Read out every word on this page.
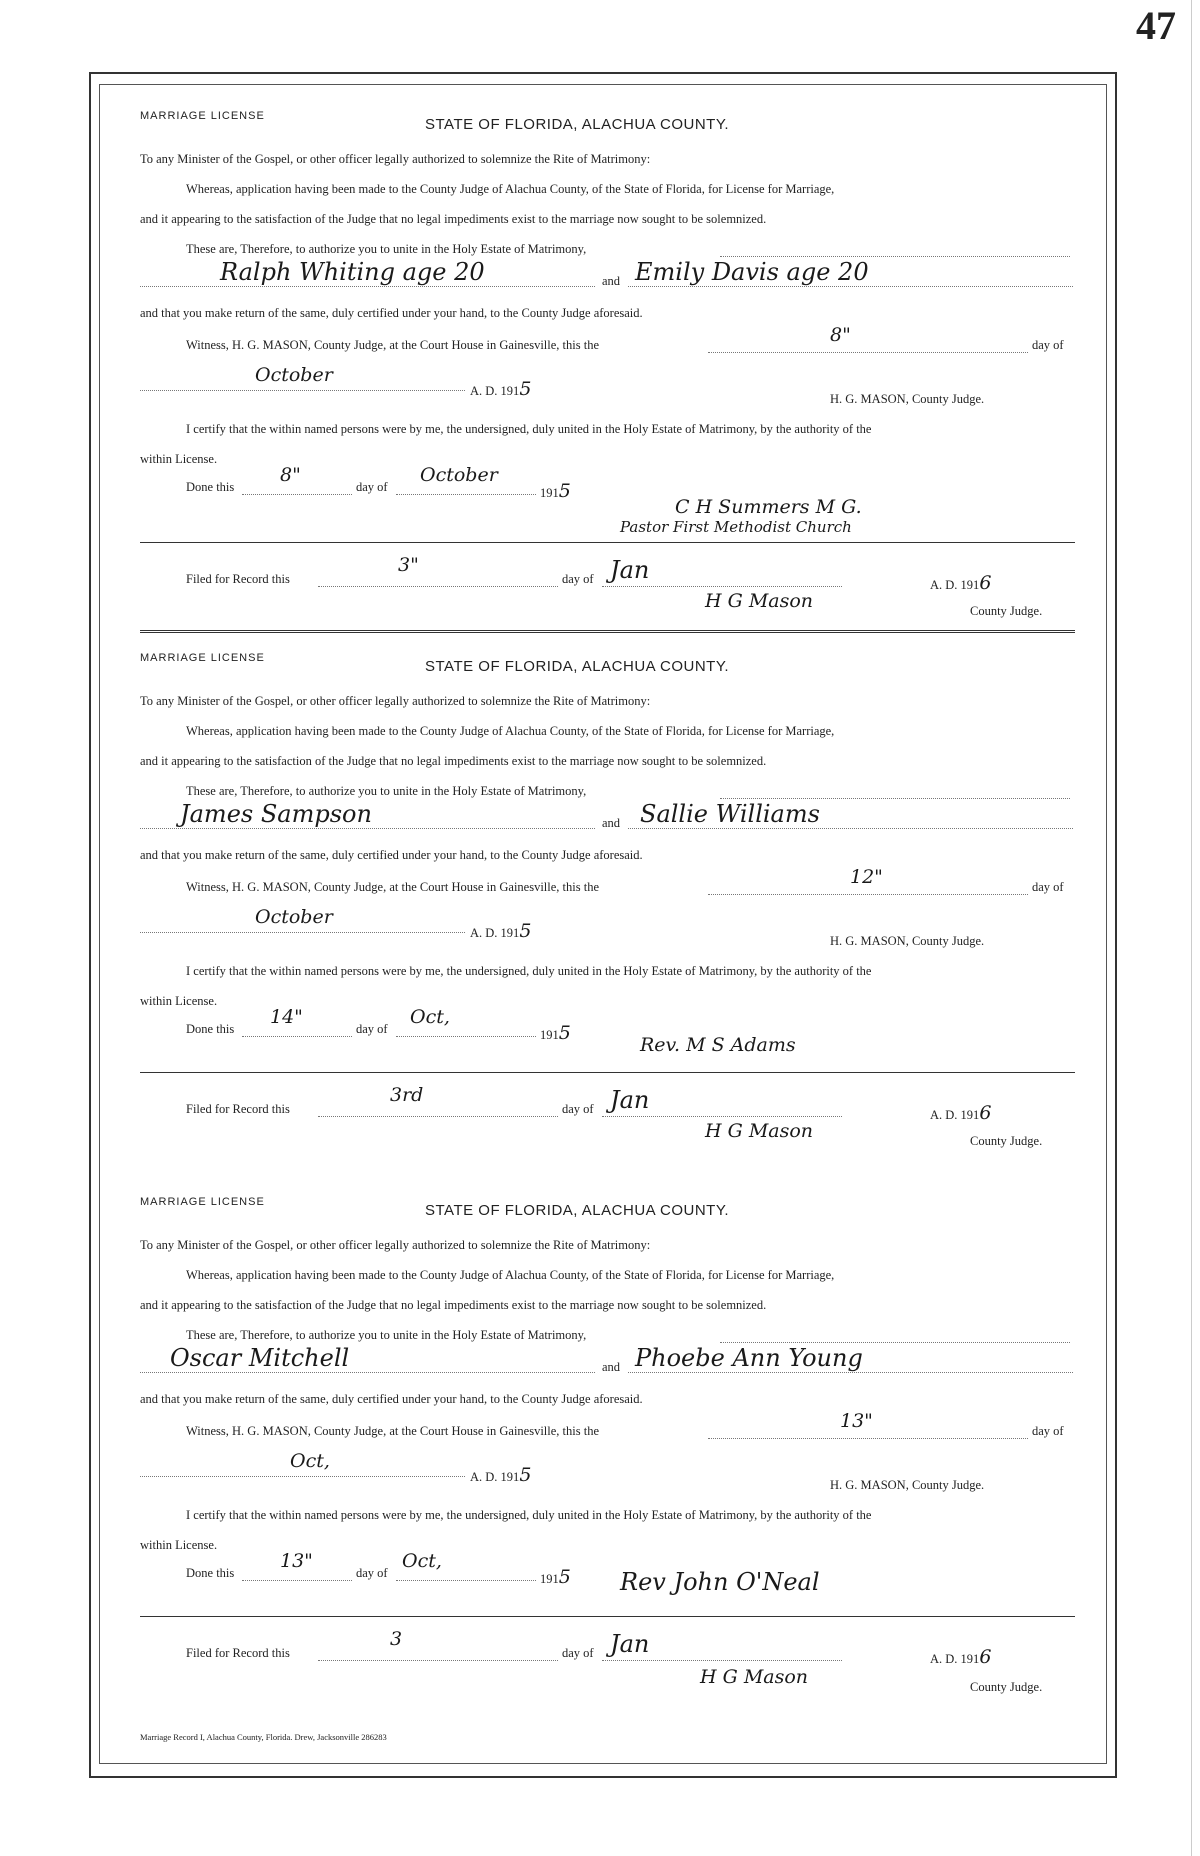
47
MARRIAGE LICENSE	STATE OF FLORIDA, ALACHUA COUNTY.
To any Minister of the Gospel, or other officer legally authorized to solemnize the Rite of Matrimony:
Whereas, application having been made to the County Judge of Alachua County, of the State of Florida, for License for Marriage,
and it appearing to the satisfaction of the Judge that no legal impediments exist to the marriage now sought to be solemnized.
These are, Therefore, to authorize you to unite in the Holy Estate of Matrimony,
Ralph Whiting age 20	and Emily Davis age 20
and that you make return of the same, duly certified under your hand, to the County Judge aforesaid.
Witness, H. G. MASON, County Judge, at the Court House in Gainesville, this the	8"	day of
October
A. D. 1915	H. G. MASON, County Judge.
I certify that the within named persons were by me, the undersigned, duly united in the Holy Estate of Matrimony, by the authority of the
within License.
Done this
8"
day of
October
1915
C H Summers M G.
Pastor First Methodist Church
Filed for Record this
3"
day of Jan
A. D. 1916
H G Mason	County Judge.
MARRIAGE LICENSE	STATE OF FLORIDA, ALACHUA COUNTY.
To any Minister of the Gospel, or other officer legally authorized to solemnize the Rite of Matrimony:
Whereas, application having been made to the County Judge of Alachua County, of the State of Florida, for License for Marriage,
and it appearing to the satisfaction of the Judge that no legal impediments exist to the marriage now sought to be solemnized.
These are, Therefore, to authorize you to unite in the Holy Estate of Matrimony,
James Sampson	and Sallie Williams
and that you make return of the same, duly certified under your hand, to the County Judge aforesaid.
Witness, H. G. MASON, County Judge, at the Court House in Gainesville, this the	12"	day of
October
A. D. 1915	H. G. MASON, County Judge.
I certify that the within named persons were by me, the undersigned, duly united in the Holy Estate of Matrimony, by the authority of the
within License.
Done this
14"
day of
Oct,
1915
Rev. M S Adams
Filed for Record this
3rd
day of Jan
A. D. 1916
H G Mason	County Judge.
MARRIAGE LICENSE	STATE OF FLORIDA, ALACHUA COUNTY.
To any Minister of the Gospel, or other officer legally authorized to solemnize the Rite of Matrimony:
Whereas, application having been made to the County Judge of Alachua County, of the State of Florida, for License for Marriage,
and it appearing to the satisfaction of the Judge that no legal impediments exist to the marriage now sought to be solemnized.
These are, Therefore, to authorize you to unite in the Holy Estate of Matrimony,
Oscar Mitchell	and Phoebe Ann Young
and that you make return of the same, duly certified under your hand, to the County Judge aforesaid.
Witness, H. G. MASON, County Judge, at the Court House in Gainesville, this the	13"	day of
Oct,
A. D. 1915	H. G. MASON, County Judge.
I certify that the within named persons were by me, the undersigned, duly united in the Holy Estate of Matrimony, by the authority of the
within License.
Done this
13"
day of
Oct,
1915 Rev John O'Neal
Filed for Record this
3
day of Jan
A. D. 1916
H G Mason	County Judge.
Marriage Record I, Alachua County, Florida. Drew, Jacksonville 286283
